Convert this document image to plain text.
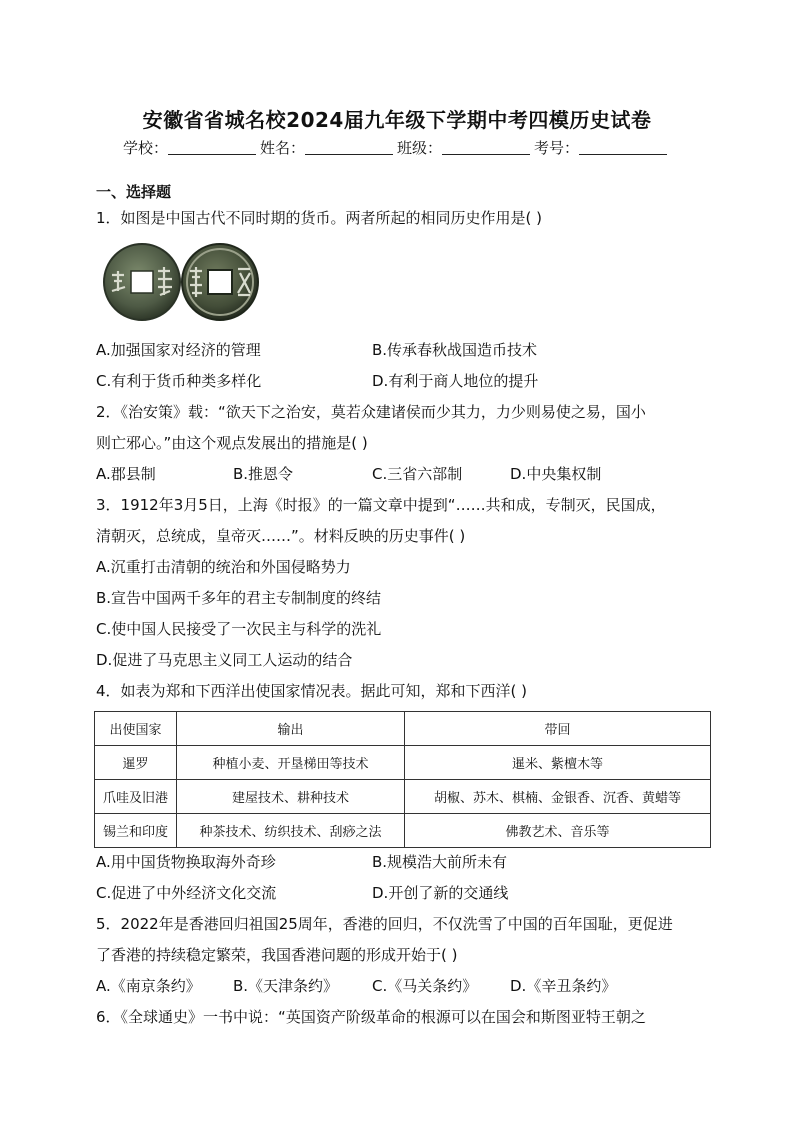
安徽省省城名校2024届九年级下学期中考四模历史试卷
学校：	姓名：	班级：	考号：
一、选择题
1．如图是中国古代不同时期的货币。两者所起的相同历史作用是( )
A.加强国家对经济的管理	B.传承春秋战国造币技术
C.有利于货币种类多样化	D.有利于商人地位的提升
2．《治安策》载：“欲天下之治安，莫若众建诸侯而少其力，力少则易使之易，国小
则亡邪心。”由这个观点发展出的措施是( )
A.郡县制	B.推恩令	C.三省六部制	D.中央集权制
3．1912年3月5日，上海《时报》的一篇文章中提到“……共和成，专制灭，民国成，
清朝灭，总统成，皇帝灭……”。材料反映的历史事件( )
A.沉重打击清朝的统治和外国侵略势力
B.宣告中国两千多年的君主专制制度的终结
C.使中国人民接受了一次民主与科学的洗礼
D.促进了马克思主义同工人运动的结合
4．如表为郑和下西洋出使国家情况表。据此可知，郑和下西洋( )
出使国家	输出	带回
暹罗	种植小麦、开垦梯田等技术	暹米、紫檀木等
爪哇及旧港	建屋技术、耕种技术	胡椒、苏木、棋楠、金银香、沉香、黄蜡等
锡兰和印度	种茶技术、纺织技术、刮痧之法	佛教艺术、音乐等
A.用中国货物换取海外奇珍	B.规模浩大前所未有
C.促进了中外经济文化交流	D.开创了新的交通线
5．2022年是香港回归祖国25周年，香港的回归，不仅洗雪了中国的百年国耻，更促进
了香港的持续稳定繁荣，我国香港问题的形成开始于( )
A.《南京条约》 B.《天津条约》 C.《马关条约》 D.《辛丑条约》
6．《全球通史》一书中说：“英国资产阶级革命的根源可以在国会和斯图亚特王朝之
